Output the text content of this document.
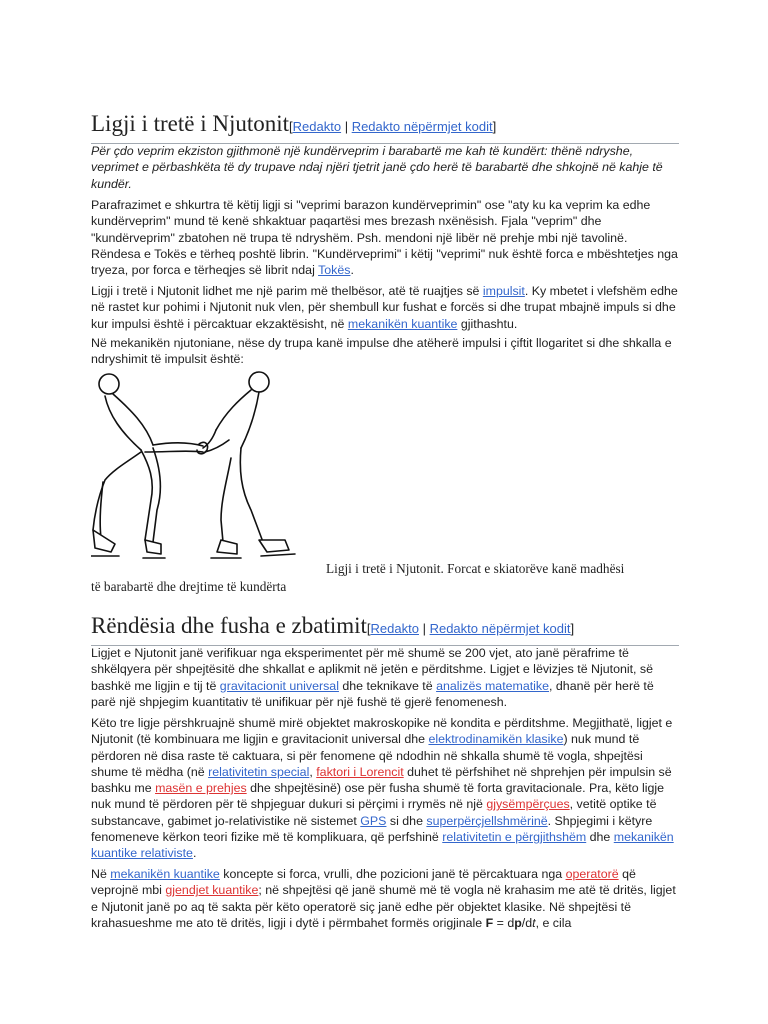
Ligji i tretë i Njutonit[Redakto | Redakto nëpërmjet kodit]

Për çdo veprim ekziston gjithmonë një kundërveprim i barabartë me kah të kundërt: thënë ndryshe, veprimet e përbashkëta të dy trupave ndaj njëri tjetrit janë çdo herë të barabartë dhe shkojnë në kahje të kundër.

Parafrazimet e shkurtra të këtij ligji si "veprimi barazon kundërveprimin" ose "aty ku ka veprim ka edhe kundërveprim" mund të kenë shkaktuar paqartësi mes brezash nxënësish. Fjala "veprim" dhe "kundërveprim" zbatohen në trupa të ndryshëm. Psh. mendoni një libër në prehje mbi një tavolinë. Rëndesa e Tokës e tërheq poshtë librin. "Kundërveprimi" i këtij "veprimi" nuk është forca e mbështetjes nga tryeza, por forca e tërheqjes së librit ndaj Tokës.

Ligji i tretë i Njutonit lidhet me një parim më thelbësor, atë të ruajtjes së impulsit. Ky mbetet i vlefshëm edhe në rastet kur pohimi i Njutonit nuk vlen, për shembull kur fushat e forcës si dhe trupat mbajnë impuls si dhe kur impulsi është i përcaktuar ekzaktësisht, në mekanikën kuantike gjithashtu.

Në mekanikën njutoniane, nëse dy trupa kanë impulse dhe atëherë impulsi i çiftit llogaritet si dhe shkalla e ndryshimit të impulsit është:

Ligji i tretë i Njutonit. Forcat e skiatorëve kanë madhësi
të barabartë dhe drejtime të kundërta

Rëndësia dhe fusha e zbatimit[Redakto | Redakto nëpërmjet kodit]

Ligjet e Njutonit janë verifikuar nga eksperimentet për më shumë se 200 vjet, ato janë përafrime të shkëlqyera për shpejtësitë dhe shkallat e aplikmit në jetën e përditshme. Ligjet e lëvizjes të Njutonit, së bashkë me ligjin e tij të gravitacionit universal dhe teknikave të analizës matematike, dhanë për herë të parë një shpjegim kuantitativ të unifikuar për një fushë të gjerë fenomenesh.

Këto tre ligje përshkruajnë shumë mirë objektet makroskopike në kondita e përditshme. Megjithatë, ligjet e Njutonit (të kombinuara me ligjin e gravitacionit universal dhe elektrodinamikën klasike) nuk mund të përdoren në disa raste të caktuara, si për fenomene që ndodhin në shkalla shumë të vogla, shpejtësi shume të mëdha (në relativitetin special, faktori i Lorencit duhet të përfshihet në shprehjen për impulsin së bashku me masën e prehjes dhe shpejtësinë) ose për fusha shumë të forta gravitacionale. Pra, këto ligje nuk mund të përdoren për të shpjeguar dukuri si përçimi i rrymës në një gjysëmpërçues, vetitë optike të substancave, gabimet jo-relativistike në sistemet GPS si dhe superpërçjellshmërinë. Shpjegimi i këtyre fenomeneve kërkon teori fizike më të komplikuara, që perfshinë relativitetin e përgjithshëm dhe mekanikën kuantike relativiste.

Në mekanikën kuantike koncepte si forca, vrulli, dhe pozicioni janë të përcaktuara nga operatorë që veprojnë mbi gjendjet kuantike; në shpejtësi që janë shumë më të vogla në krahasim me atë të dritës, ligjet e Njutonit janë po aq të sakta për këto operatorë siç janë edhe për objektet klasike. Në shpejtësi të krahasueshme me ato të dritës, ligji i dytë i përmbahet formës origjinale F = dp/dt, e cila
